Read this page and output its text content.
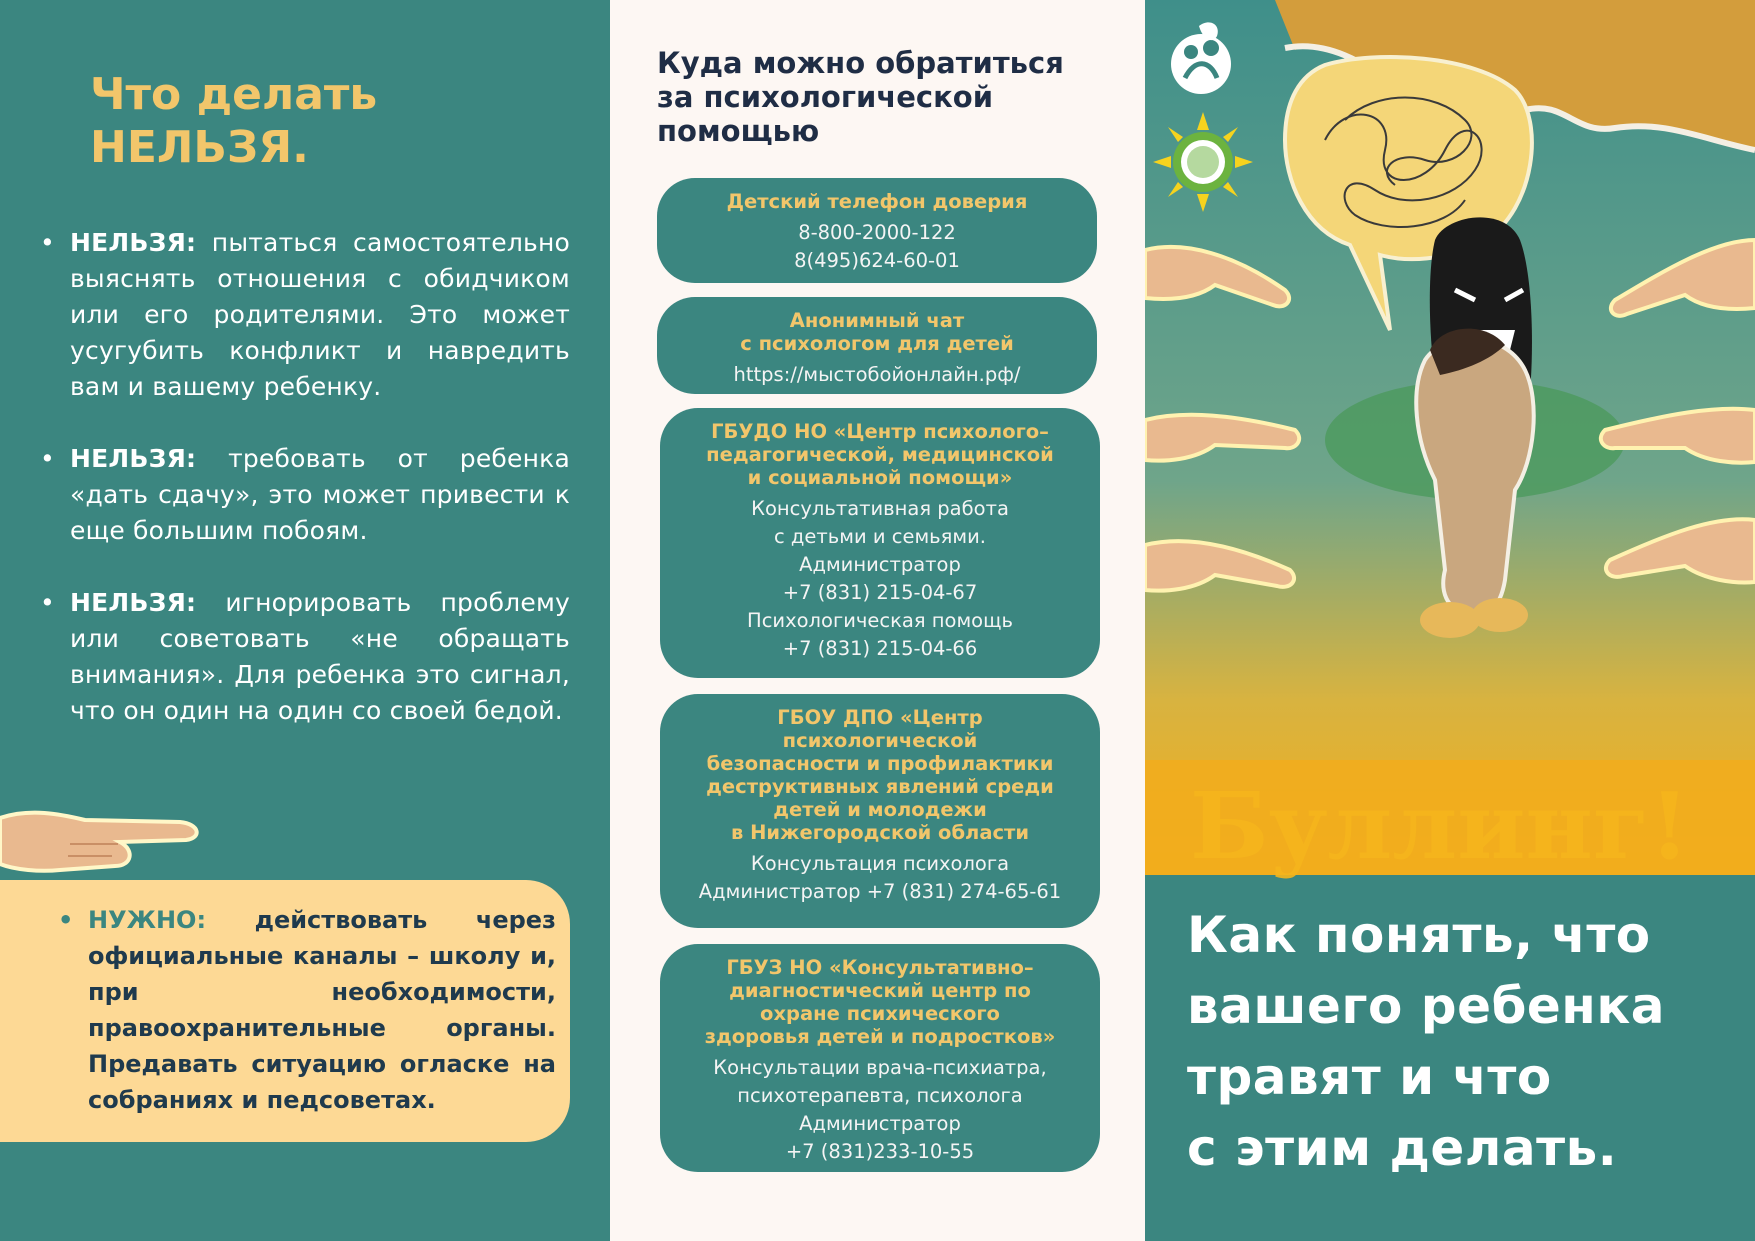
Что делать
НЕЛЬЗЯ.
• НЕЛЬЗЯ: пытаться самостоятельно выяснять отношения с обидчиком или его родителями. Это может усугубить конфликт и навредить вам и вашему ребенку.
• НЕЛЬЗЯ: требовать от ребенка «дать сдачу», это может привести к еще большим побоям.
• НЕЛЬЗЯ: игнорировать проблему или советовать «не обращать внимания». Для ребенка это сигнал, что он один на один со своей бедой.

• НУЖНО: действовать через официальные каналы – школу и, при необходимости, правоохранительные органы. Предавать ситуацию огласке на собраниях и педсоветах.

Куда можно обратиться
за психологической
помощью
Детский телефон доверия
8-800-2000-122
8(495)624-60-01
Анонимный чат
с психологом для детей
https://мыстобойонлайн.рф/
ГБУДО НО «Центр психолого–
педагогической, медицинской
и социальной помощи»
Консультативная работа
с детьми и семьями.
Администратор
+7 (831) 215-04-67
Психологическая помощь
+7 (831) 215-04-66
ГБОУ ДПО «Центр
психологической
безопасности и профилактики
деструктивных явлений среди
детей и молодежи
в Нижегородской области
Консультация психолога
Администратор +7 (831) 274-65-61
ГБУЗ НО «Консультативно–
диагностический центр по
охране психического
здоровья детей и подростков»
Консультации врача-психиатра,
психотерапевта, психолога
Администратор
+7 (831)233-10-55
Буллинг!
Как понять, что
вашего ребенка
травят и что
с этим делать.
